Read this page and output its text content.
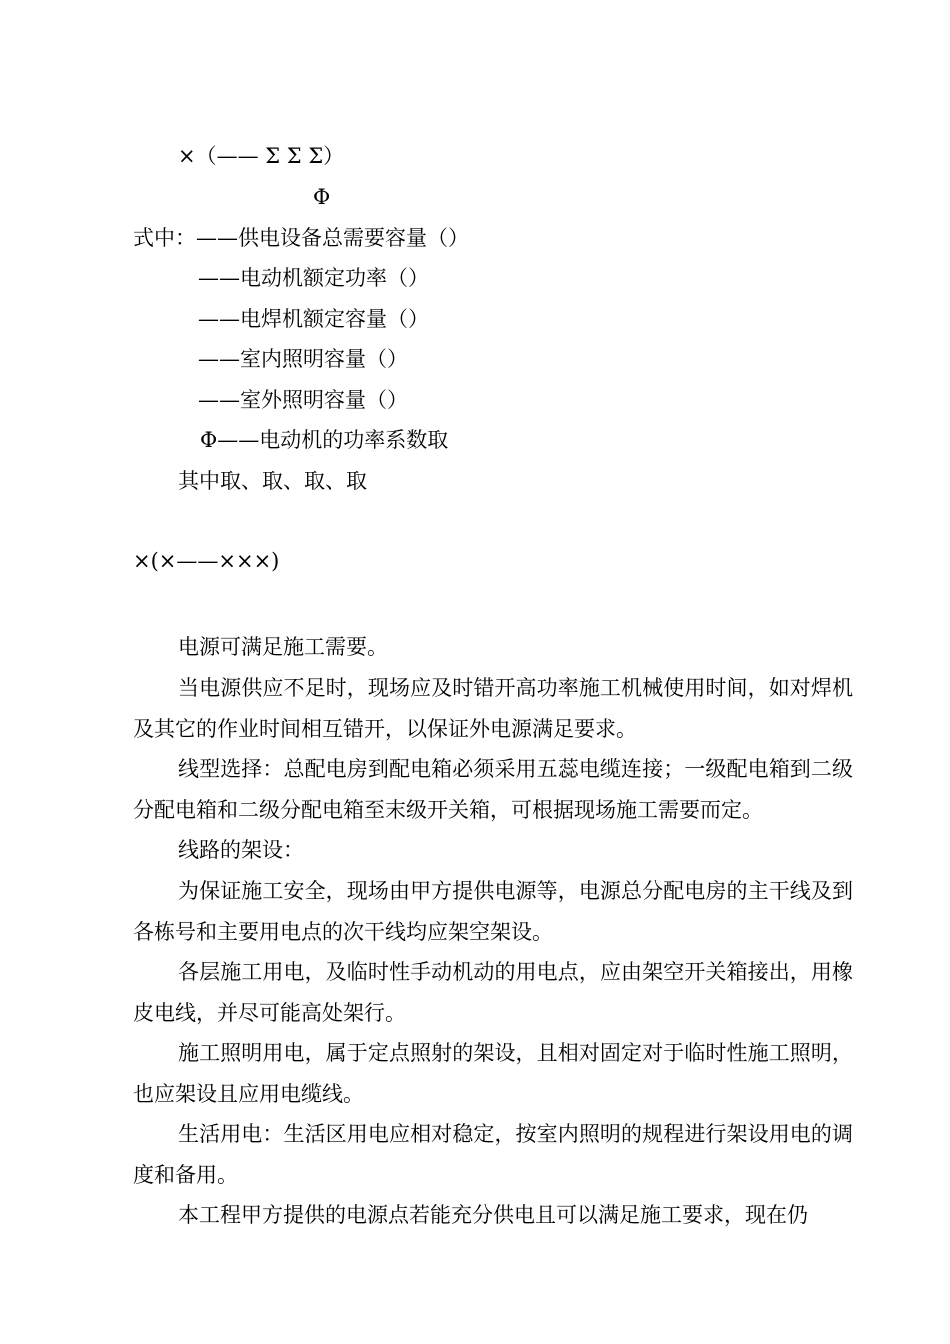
×（—— Σ Σ Σ）
Φ
式中：——供电设备总需要容量（）
——电动机额定功率（）
——电焊机额定容量（）
——室内照明容量（）
——室外照明容量（）
Φ——电动机的功率系数取
其中取、取、取、取
×(×——×××)
电源可满足施工需要。
当电源供应不足时，现场应及时错开高功率施工机械使用时间，如对焊机及其它的作业时间相互错开，以保证外电源满足要求。
线型选择：总配电房到配电箱必须采用五蕊电缆连接；一级配电箱到二级分配电箱和二级分配电箱至末级开关箱，可根据现场施工需要而定。
线路的架设：
为保证施工安全，现场由甲方提供电源等，电源总分配电房的主干线及到各栋号和主要用电点的次干线均应架空架设。
各层施工用电，及临时性手动机动的用电点，应由架空开关箱接出，用橡皮电线，并尽可能高处架行。
施工照明用电，属于定点照射的架设，且相对固定对于临时性施工照明，也应架设且应用电缆线。
生活用电：生活区用电应相对稳定，按室内照明的规程进行架设用电的调度和备用。
本工程甲方提供的电源点若能充分供电且可以满足施工要求，现在仍
